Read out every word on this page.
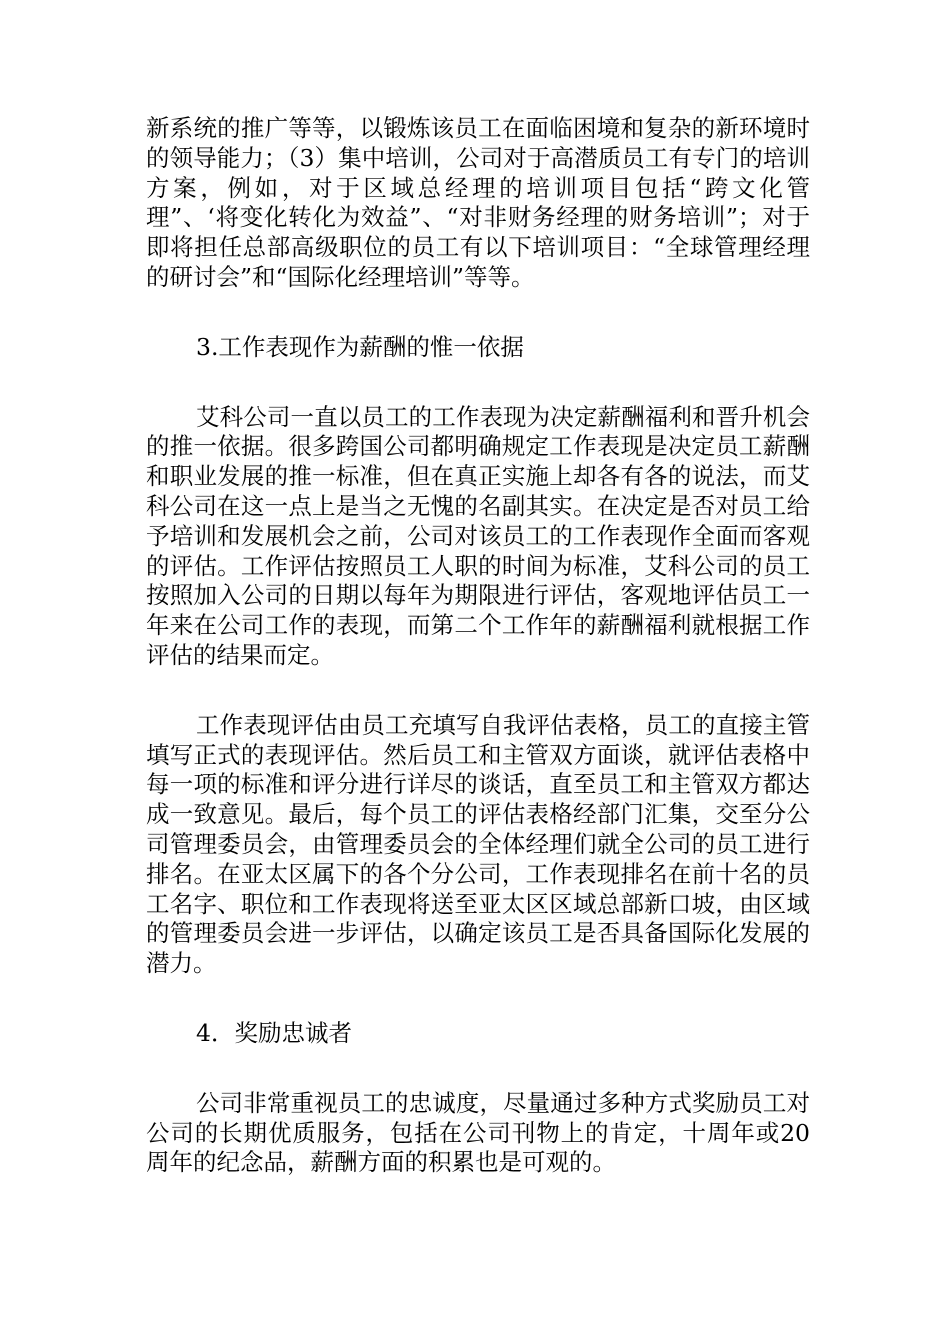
新系统的推广等等，以锻炼该员工在面临困境和复杂的新环境时的领导能力；（3）集中培训，公司对于高潜质员工有专门的培训方案，例如，对于区域总经理的培训项目包括“跨文化管理”、‘将变化转化为效益”、“对非财务经理的财务培训”；对于即将担任总部高级职位的员工有以下培训项目：“全球管理经理的研讨会”和“国际化经理培训”等等。

3.工作表现作为薪酬的惟一依据

艾科公司一直以员工的工作表现为决定薪酬福利和晋升机会的推一依据。很多跨国公司都明确规定工作表现是决定员工薪酬和职业发展的推一标准，但在真正实施上却各有各的说法，而艾科公司在这一点上是当之无愧的名副其实。在决定是否对员工给予培训和发展机会之前，公司对该员工的工作表现作全面而客观的评估。工作评估按照员工人职的时间为标准，艾科公司的员工按照加入公司的日期以每年为期限进行评估，客观地评估员工一年来在公司工作的表现，而第二个工作年的薪酬福利就根据工作评估的结果而定。

工作表现评估由员工充填写自我评估表格，员工的直接主管填写正式的表现评估。然后员工和主管双方面谈，就评估表格中每一项的标准和评分进行详尽的谈话，直至员工和主管双方都达成一致意见。最后，每个员工的评估表格经部门汇集，交至分公司管理委员会，由管理委员会的全体经理们就全公司的员工进行排名。在亚太区属下的各个分公司，工作表现排名在前十名的员工名字、职位和工作表现将送至亚太区区域总部新口坡，由区域的管理委员会进一步评估，以确定该员工是否具备国际化发展的潜力。

4．奖励忠诚者

公司非常重视员工的忠诚度，尽量通过多种方式奖励员工对公司的长期优质服务，包括在公司刊物上的肯定，十周年或20周年的纪念品，薪酬方面的积累也是可观的。
